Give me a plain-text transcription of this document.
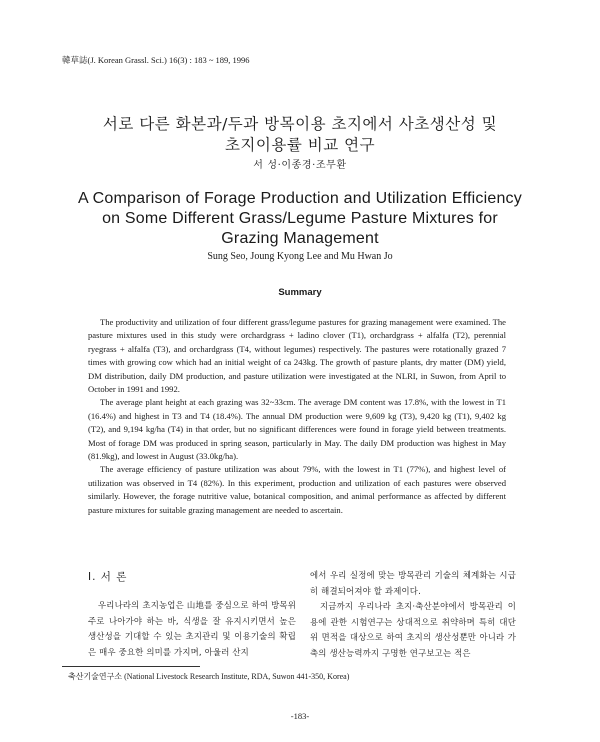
韓草誌(J. Korean Grassl. Sci.) 16(3) : 183 ~ 189, 1996
서로 다른 화본과/두과 방목이용 초지에서 사초생산성 및
초지이용률 비교 연구
서 성·이종경·조무환
A Comparison of Forage Production and Utilization Efficiency
on Some Different Grass/Legume Pasture Mixtures for
Grazing Management
Sung Seo, Joung Kyong Lee and Mu Hwan Jo
Summary

The productivity and utilization of four different grass/legume pastures for grazing management were examined. The pasture mixtures used in this study were orchardgrass + ladino clover (T1), orchardgrass + alfalfa (T2), perennial ryegrass + alfalfa (T3), and orchardgrass (T4, without legumes) respectively. The pastures were rotationally grazed 7 times with growing cow which had an initial weight of ca 243kg. The growth of pasture plants, dry matter (DM) yield, DM distribution, daily DM production, and pasture utilization were investigated at the NLRI, in Suwon, from April to October in 1991 and 1992.

The average plant height at each grazing was 32~33cm. The average DM content was 17.8%, with the lowest in T1 (16.4%) and highest in T3 and T4 (18.4%). The annual DM production were 9,609 kg (T3), 9,420 kg (T1), 9,402 kg (T2), and 9,194 kg/ha (T4) in that order, but no significant differences were found in forage yield between treatments. Most of forage DM was produced in spring season, particularly in May. The daily DM production was highest in May (81.9kg), and lowest in August (33.0kg/ha).

The average efficiency of pasture utilization was about 79%, with the lowest in T1 (77%), and highest level of utilization was observed in T4 (82%). In this experiment, production and utilization of each pastures were observed similarly. However, the forage nutritive value, botanical composition, and animal performance as affected by different pasture mixtures for suitable grazing management are needed to ascertain.

I. 서 론

우리나라의 초지농업은 山地를 중심으로 하여 방목위주로 나아가야 하는 바, 식생을 잘 유지시키면서 높은 생산성을 기대할 수 있는 초지관리 및 이용기술의 확립은 매우 중요한 의미를 가지며, 아울러 산지

에서 우리 실정에 맞는 방목관리 기술의 체계화는 시급히 해결되어져야 할 과제이다.

지금까지 우리나라 초지·축산분야에서 방목관리 이용에 관한 시험연구는 상대적으로 취약하며 특히 대단위 면적을 대상으로 하여 초지의 생산성뿐만 아니라 가축의 생산능력까지 구명한 연구보고는 적은

축산기술연구소 (National Livestock Research Institute, RDA, Suwon 441-350, Korea)
-183-
